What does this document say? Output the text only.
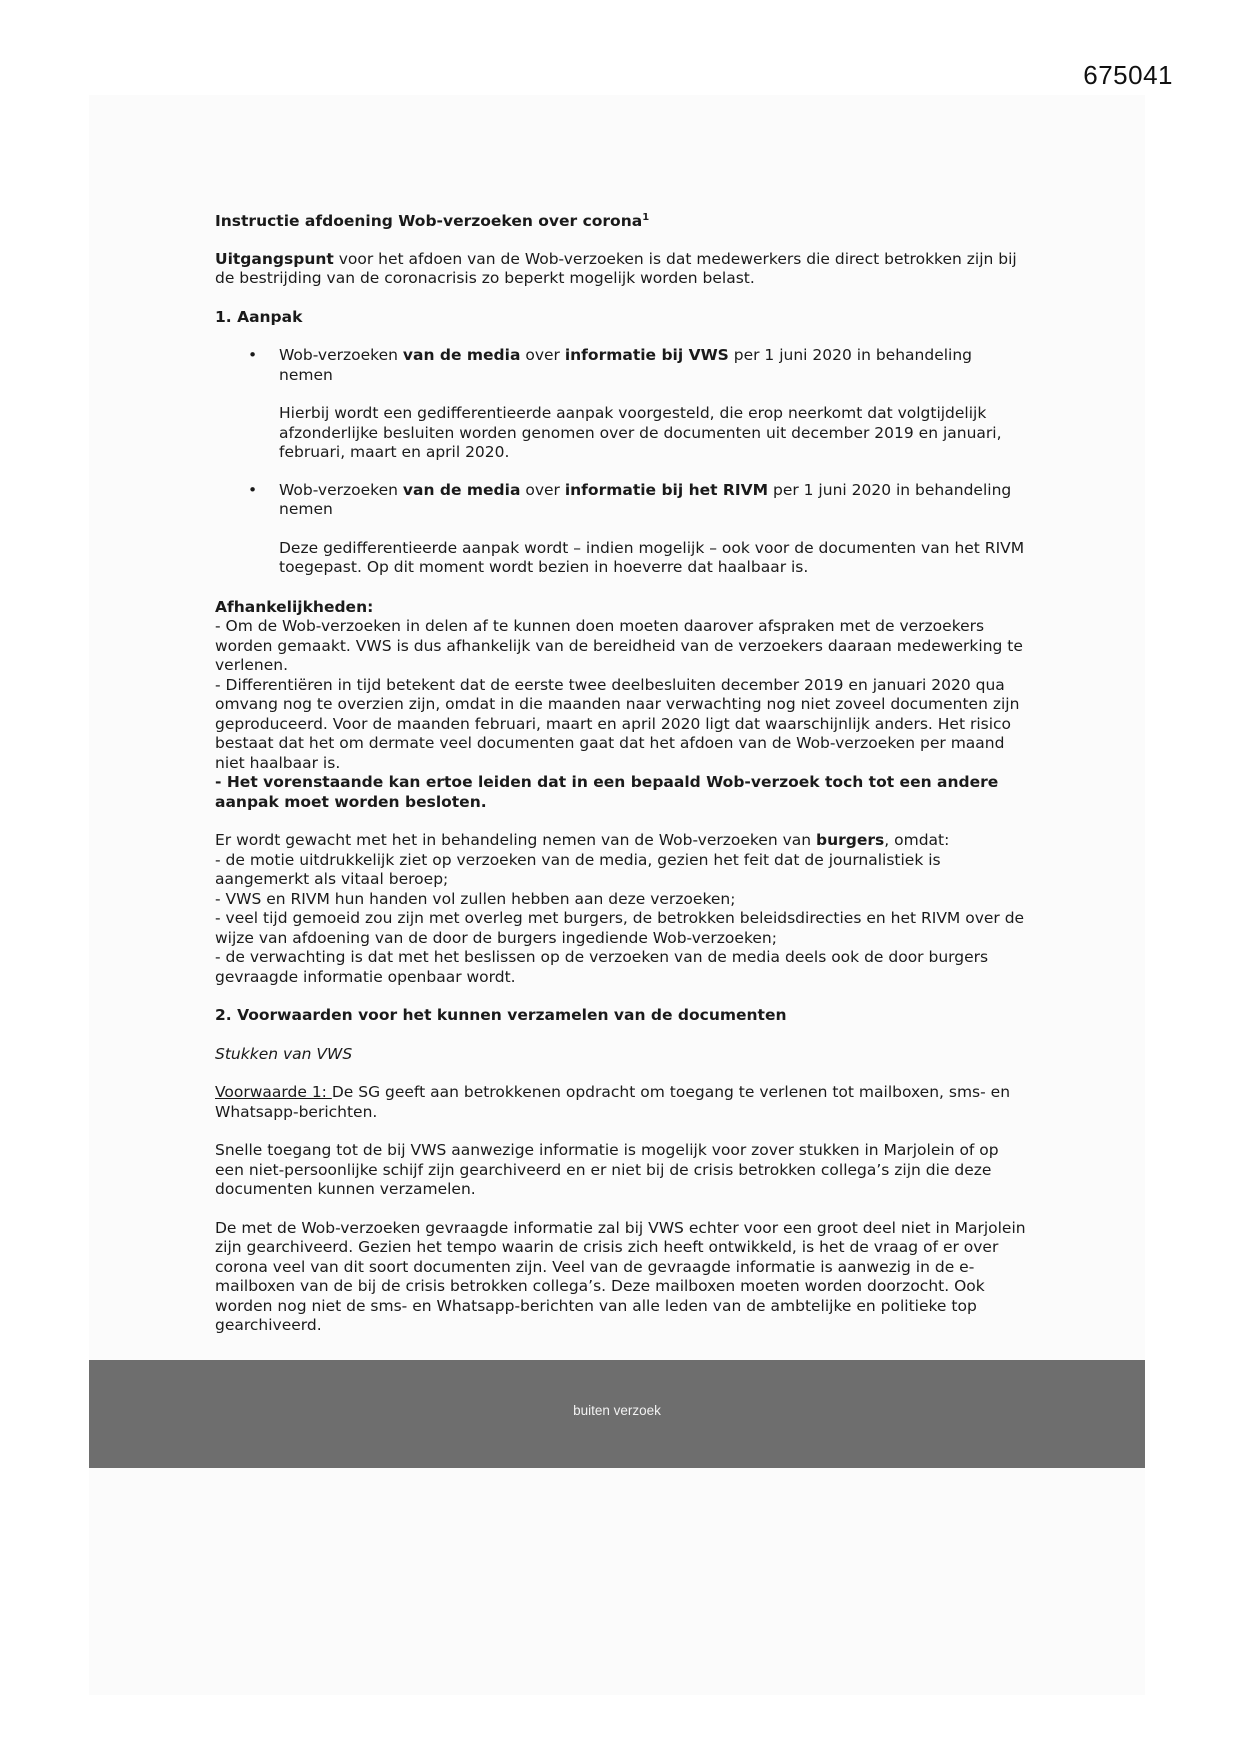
675041
Instructie afdoening Wob-verzoeken over corona$^1$

Uitgangspunt voor het afdoen van de Wob-verzoeken is dat medewerkers die direct betrokken zijn bij de bestrijding van de coronacrisis zo beperkt mogelijk worden belast.

1. Aanpak
• Wob-verzoeken van de media over informatie bij VWS per 1 juni 2020 in behandeling nemen

Hierbij wordt een gedifferentieerde aanpak voorgesteld, die erop neerkomt dat volgtijdelijk afzonderlijke besluiten worden genomen over de documenten uit december 2019 en januari, februari, maart en april 2020.

• Wob-verzoeken van de media over informatie bij het RIVM per 1 juni 2020 in behandeling nemen

Deze gedifferentieerde aanpak wordt – indien mogelijk – ook voor de documenten van het RIVM toegepast. Op dit moment wordt bezien in hoeverre dat haalbaar is.

Afhankelijkheden:

- Om de Wob-verzoeken in delen af te kunnen doen moeten daarover afspraken met de verzoekers worden gemaakt. VWS is dus afhankelijk van de bereidheid van de verzoekers daaraan medewerking te verlenen.

- Differentiëren in tijd betekent dat de eerste twee deelbesluiten december 2019 en januari 2020 qua omvang nog te overzien zijn, omdat in die maanden naar verwachting nog niet zoveel documenten zijn geproduceerd. Voor de maanden februari, maart en april 2020 ligt dat waarschijnlijk anders. Het risico bestaat dat het om dermate veel documenten gaat dat het afdoen van de Wob-verzoeken per maand niet haalbaar is.

- Het vorenstaande kan ertoe leiden dat in een bepaald Wob-verzoek toch tot een andere aanpak moet worden besloten.

Er wordt gewacht met het in behandeling nemen van de Wob-verzoeken van burgers, omdat:

- de motie uitdrukkelijk ziet op verzoeken van de media, gezien het feit dat de journalistiek is aangemerkt als vitaal beroep;

- VWS en RIVM hun handen vol zullen hebben aan deze verzoeken;

- veel tijd gemoeid zou zijn met overleg met burgers, de betrokken beleidsdirecties en het RIVM over de wijze van afdoening van de door de burgers ingediende Wob-verzoeken;

- de verwachting is dat met het beslissen op de verzoeken van de media deels ook de door burgers gevraagde informatie openbaar wordt.

2. Voorwaarden voor het kunnen verzamelen van de documenten

Stukken van VWS

Voorwaarde 1: De SG geeft aan betrokkenen opdracht om toegang te verlenen tot mailboxen, sms- en Whatsapp-berichten.

Snelle toegang tot de bij VWS aanwezige informatie is mogelijk voor zover stukken in Marjolein of op een niet-persoonlijke schijf zijn gearchiveerd en er niet bij de crisis betrokken collega’s zijn die deze documenten kunnen verzamelen.

De met de Wob-verzoeken gevraagde informatie zal bij VWS echter voor een groot deel niet in Marjolein zijn gearchiveerd. Gezien het tempo waarin de crisis zich heeft ontwikkeld, is het de vraag of er over corona veel van dit soort documenten zijn. Veel van de gevraagde informatie is aanwezig in de e-mailboxen van de bij de crisis betrokken collega’s. Deze mailboxen moeten worden doorzocht. Ook worden nog niet de sms- en Whatsapp-berichten van alle leden van de ambtelijke en politieke top gearchiveerd.

buiten verzoek
